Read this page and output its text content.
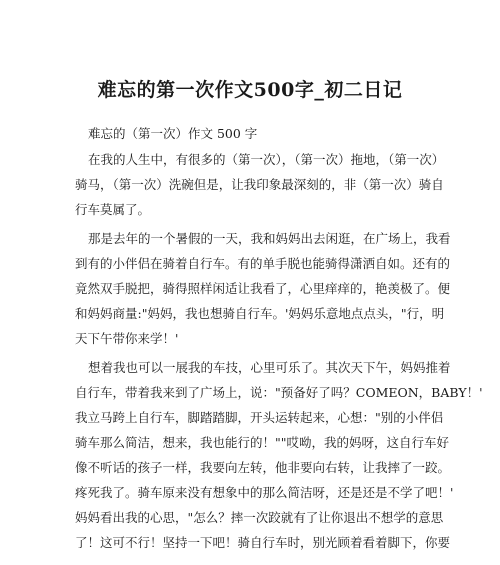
难忘的第一次作文500字_初二日记
难忘的（第一次）作文 500 字
在我的人生中，有很多的（第一次），（第一次）拖地，（第一次）
骑马，（第一次）洗碗但是，让我印象最深刻的，非（第一次）骑自
行车莫属了。
那是去年的一个暑假的一天，我和妈妈出去闲逛，在广场上，我看
到有的小伴侣在骑着自行车。有的单手脱也能骑得潇洒自如。还有的
竟然双手脱把，骑得照样闲适让我看了，心里痒痒的，艳羡极了。便
和妈妈商量:"妈妈，我也想骑自行车。'妈妈乐意地点点头，"行，明
天下午带你来学！'
想着我也可以一展我的车技，心里可乐了。其次天下午，妈妈推着
自行车，带着我来到了广场上，说："预备好了吗？COMEON，BABY！'
我立马跨上自行车，脚踏踏脚，开头运转起来，心想："别的小伴侣
骑车那么简洁，想来，我也能行的！""哎呦，我的妈呀，这自行车好
像不听话的孩子一样，我要向左转，他非要向右转，让我摔了一跤。
疼死我了。骑车原来没有想象中的那么简洁呀，还是还是不学了吧！'
妈妈看出我的心思，"怎么？摔一次跤就有了让你退出不想学的意思
了！这可不行！坚持一下吧！骑自行车时，别光顾着看着脚下，你要
